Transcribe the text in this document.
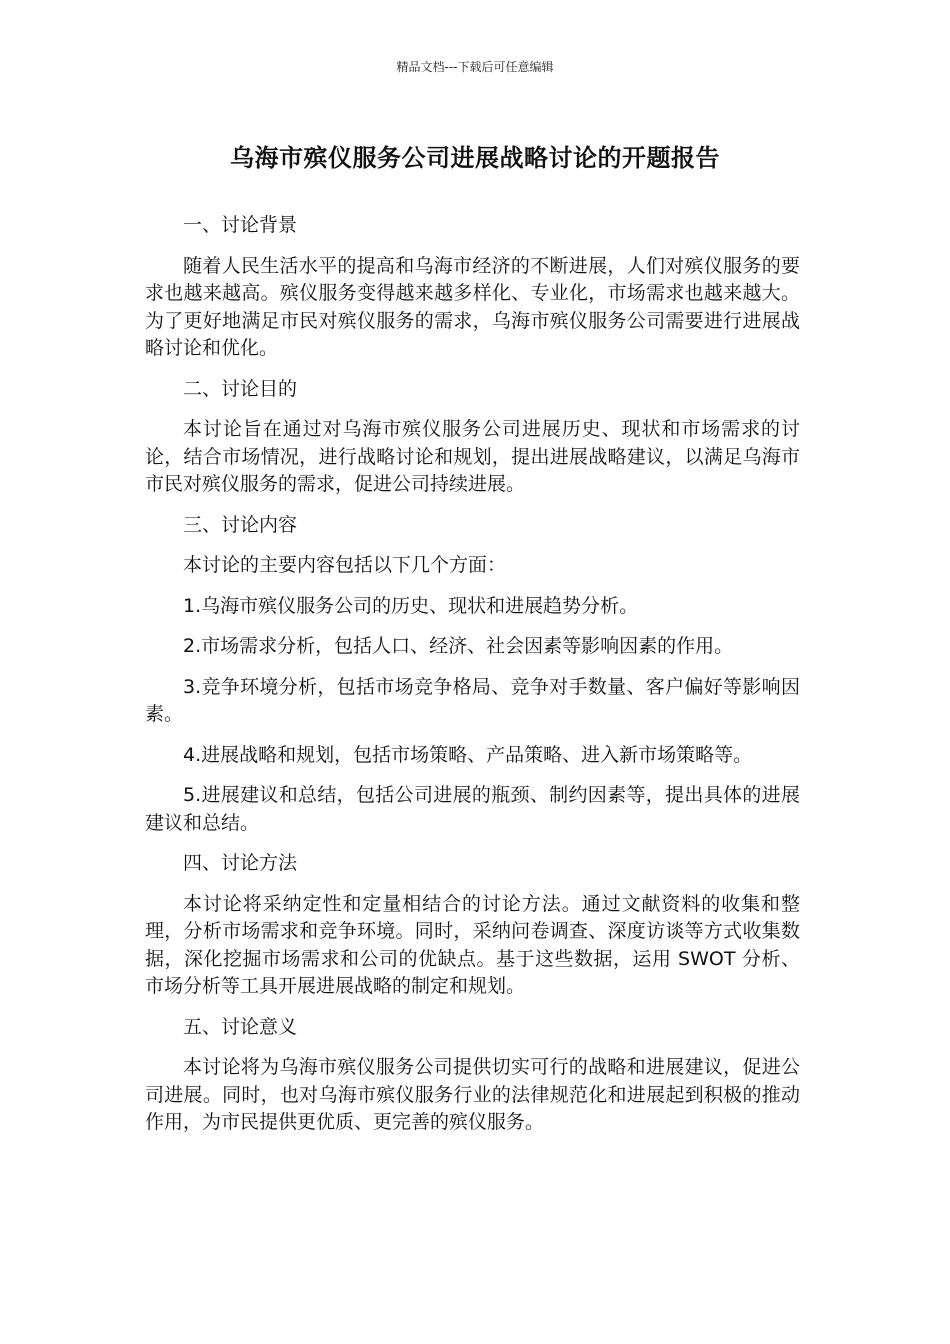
精品文档---下载后可任意编辑
乌海市殡仪服务公司进展战略讨论的开题报告

一、讨论背景

随着人民生活水平的提高和乌海市经济的不断进展，人们对殡仪服务的要求也越来越高。殡仪服务变得越来越多样化、专业化，市场需求也越来越大。为了更好地满足市民对殡仪服务的需求，乌海市殡仪服务公司需要进行进展战略讨论和优化。

二、讨论目的

本讨论旨在通过对乌海市殡仪服务公司进展历史、现状和市场需求的讨论，结合市场情况，进行战略讨论和规划，提出进展战略建议，以满足乌海市市民对殡仪服务的需求，促进公司持续进展。

三、讨论内容

本讨论的主要内容包括以下几个方面：

1.乌海市殡仪服务公司的历史、现状和进展趋势分析。

2.市场需求分析，包括人口、经济、社会因素等影响因素的作用。

3.竞争环境分析，包括市场竞争格局、竞争对手数量、客户偏好等影响因素。

4.进展战略和规划，包括市场策略、产品策略、进入新市场策略等。

5.进展建议和总结，包括公司进展的瓶颈、制约因素等，提出具体的进展建议和总结。

四、讨论方法

本讨论将采纳定性和定量相结合的讨论方法。通过文献资料的收集和整理，分析市场需求和竞争环境。同时，采纳问卷调查、深度访谈等方式收集数据，深化挖掘市场需求和公司的优缺点。基于这些数据，运用 SWOT 分析、市场分析等工具开展进展战略的制定和规划。

五、讨论意义

本讨论将为乌海市殡仪服务公司提供切实可行的战略和进展建议，促进公司进展。同时，也对乌海市殡仪服务行业的法律规范化和进展起到积极的推动作用，为市民提供更优质、更完善的殡仪服务。
